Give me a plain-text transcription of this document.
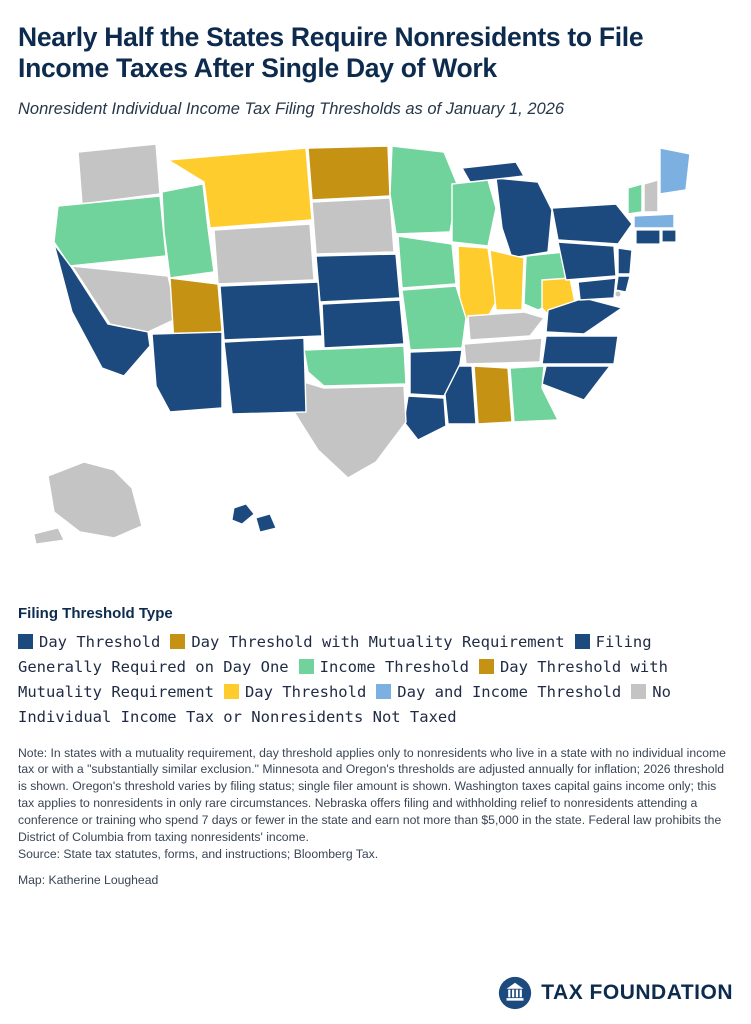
Nearly Half the States Require Nonresidents to File Income Taxes After Single Day of Work
Nonresident Individual Income Tax Filing Thresholds as of January 1, 2026
Filing Threshold Type
Day Threshold Day Threshold with Mutuality Requirement Filing Generally Required on Day One Income Threshold Day Threshold with Mutuality Requirement Day Threshold Day and Income Threshold No Individual Income Tax or Nonresidents Not Taxed
Note: In states with a mutuality requirement, day threshold applies only to nonresidents who live in a state with no individual income tax or with a "substantially similar exclusion." Minnesota and Oregon's thresholds are adjusted annually for inflation; 2026 threshold is shown. Oregon's threshold varies by filing status; single filer amount is shown. Washington taxes capital gains income only; this tax applies to nonresidents in only rare circumstances. Nebraska offers filing and withholding relief to nonresidents attending a conference or training who spend 7 days or fewer in the state and earn not more than $5,000 in the state. Federal law prohibits the District of Columbia from taxing nonresidents' income.
Source: State tax statutes, forms, and instructions; Bloomberg Tax.
Map: Katherine Loughead
TAX FOUNDATION
